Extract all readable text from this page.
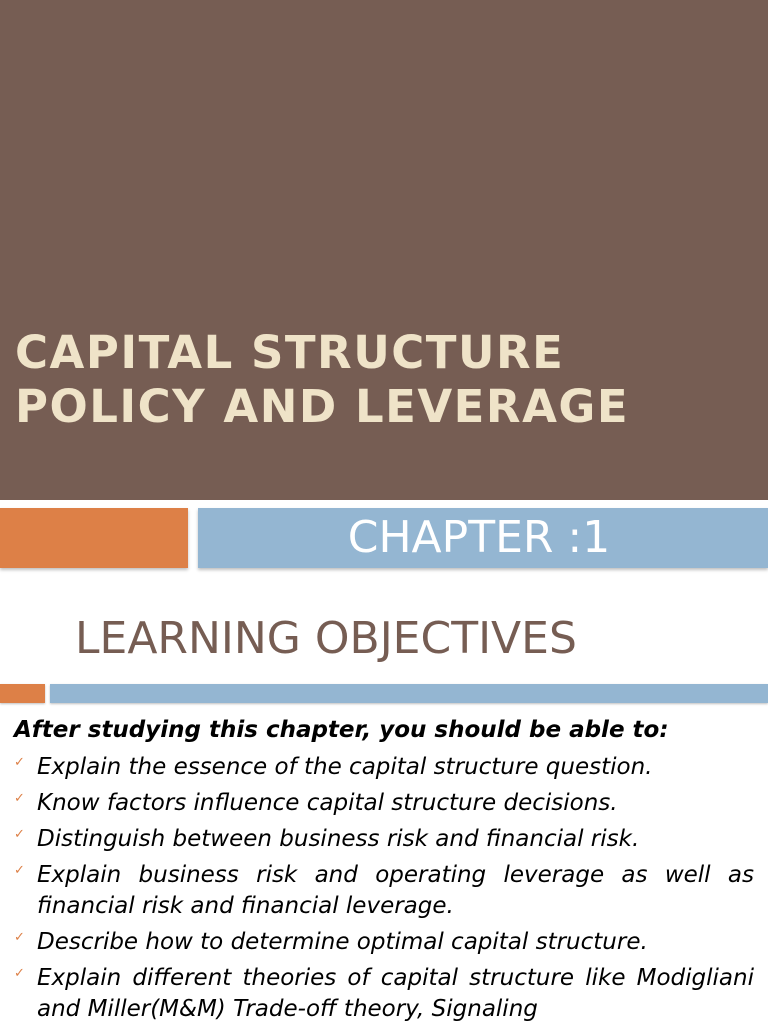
CAPITAL STRUCTURE
POLICY AND LEVERAGE
CHAPTER :1
LEARNING OBJECTIVES

After studying this chapter, you should be able to:

✓ Explain the essence of the capital structure question.
✓ Know factors influence capital structure decisions.
✓ Distinguish between business risk and financial risk.
✓ Explain business risk and operating leverage as well as financial risk and financial leverage.
✓ Describe how to determine optimal capital structure.
✓ Explain different theories of capital structure like Modigliani and Miller(M&M) Trade-off theory, Signaling
